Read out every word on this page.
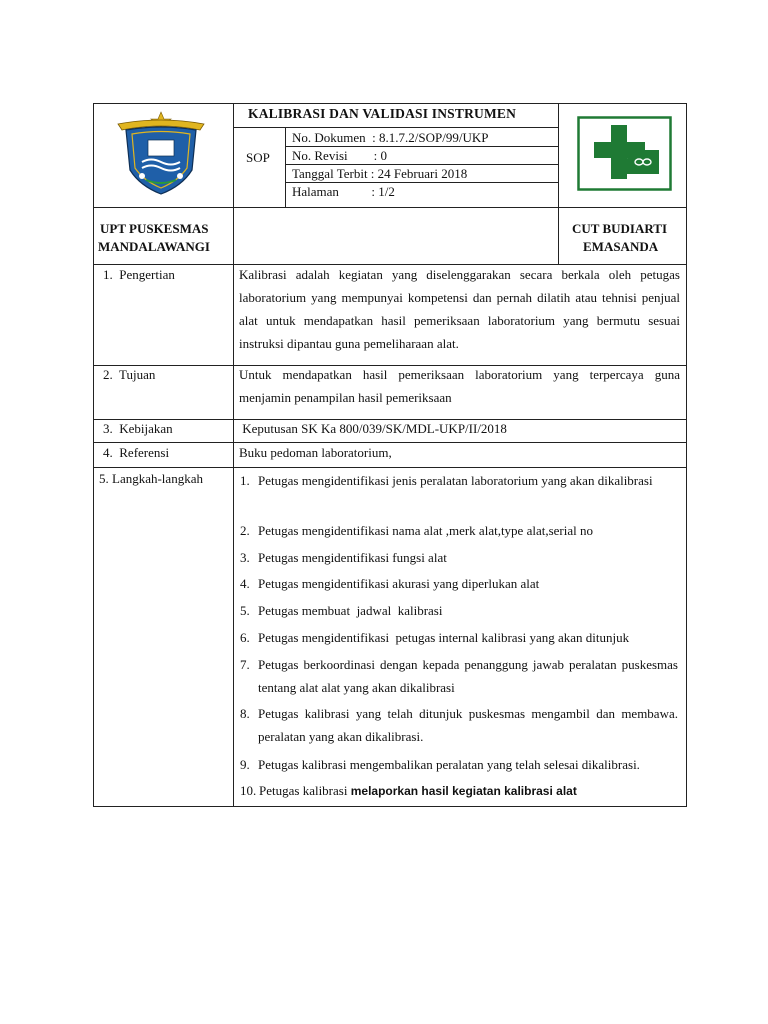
KALIBRASI DAN VALIDASI INSTRUMEN
SOP
No. Dokumen  : 8.1.7.2/SOP/99/UKP
No. Revisi        : 0
Tanggal Terbit : 24 Februari 2018
Halaman          : 1/2
UPT PUSKESMAS
MANDALAWANGI
CUT BUDIARTI
EMASANDA
1.  Pengertian
2.  Tujuan
3.  Kebijakan
4.  Referensi
5. Langkah-langkah
Kalibrasi adalah kegiatan yang diselenggarakan secara berkala oleh petugas laboratorium yang mempunyai kompetensi dan pernah dilatih atau tehnisi penjual alat untuk mendapatkan hasil pemeriksaan laboratorium yang bermutu sesuai instruksi dipantau guna pemeliharaan alat.
Untuk mendapatkan hasil pemeriksaan laboratorium yang terpercaya guna menjamin penampilan hasil pemeriksaan
Keputusan SK Ka 800/039/SK/MDL-UKP/II/2018
Buku pedoman laboratorium,
1. Petugas mengidentifikasi jenis peralatan laboratorium yang akan dikalibrasi
2. Petugas mengidentifikasi nama alat ,merk alat,type alat,serial no
3. Petugas mengidentifikasi fungsi alat
4. Petugas mengidentifikasi akurasi yang diperlukan alat
5. Petugas membuat  jadwal  kalibrasi
6. Petugas mengidentifikasi  petugas internal kalibrasi yang akan ditunjuk
7. Petugas berkoordinasi dengan kepada penanggung jawab peralatan puskesmas tentang alat alat yang akan dikalibrasi
8. Petugas kalibrasi yang telah ditunjuk puskesmas mengambil dan membawa. peralatan yang akan dikalibrasi.
9. Petugas kalibrasi mengembalikan peralatan yang telah selesai dikalibrasi.
10. Petugas kalibrasi melaporkan hasil kegiatan kalibrasi alat
